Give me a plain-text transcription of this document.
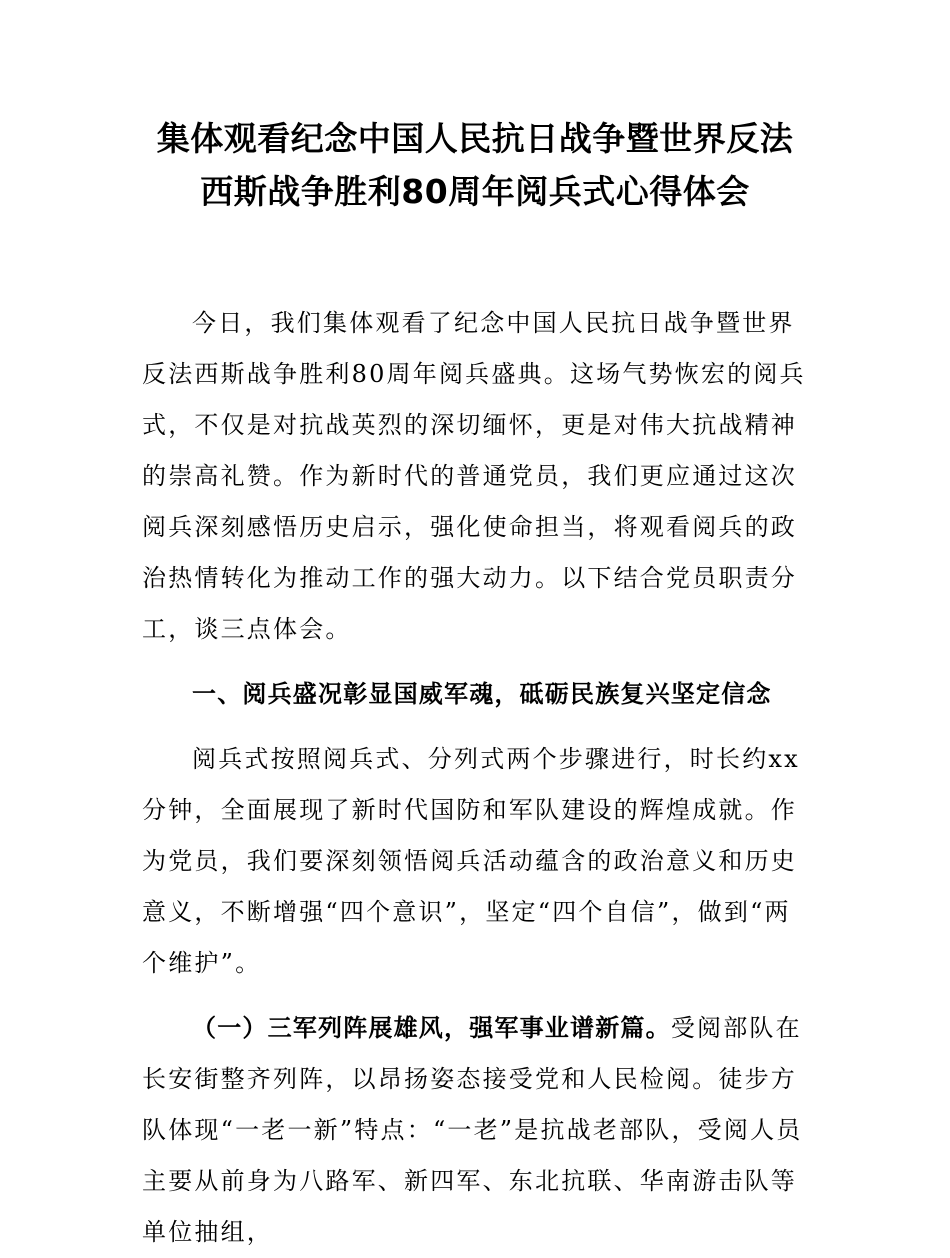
集体观看纪念中国人民抗日战争暨世界反法
西斯战争胜利80周年阅兵式心得体会

今日，我们集体观看了纪念中国人民抗日战争暨世界反法西斯战争胜利80周年阅兵盛典。这场气势恢宏的阅兵式，不仅是对抗战英烈的深切缅怀，更是对伟大抗战精神的崇高礼赞。作为新时代的普通党员，我们更应通过这次阅兵深刻感悟历史启示，强化使命担当，将观看阅兵的政治热情转化为推动工作的强大动力。以下结合党员职责分工，谈三点体会。

一、阅兵盛况彰显国威军魂，砥砺民族复兴坚定信念

阅兵式按照阅兵式、分列式两个步骤进行，时长约xx分钟，全面展现了新时代国防和军队建设的辉煌成就。作为党员，我们要深刻领悟阅兵活动蕴含的政治意义和历史意义，不断增强“四个意识”，坚定“四个自信”，做到“两个维护”。

（一）三军列阵展雄风，强军事业谱新篇。受阅部队在长安街整齐列阵，以昂扬姿态接受党和人民检阅。徒步方队体现“一老一新”特点：“一老”是抗战老部队，受阅人员主要从前身为八路军、新四军、东北抗联、华南游击队等单位抽组，
